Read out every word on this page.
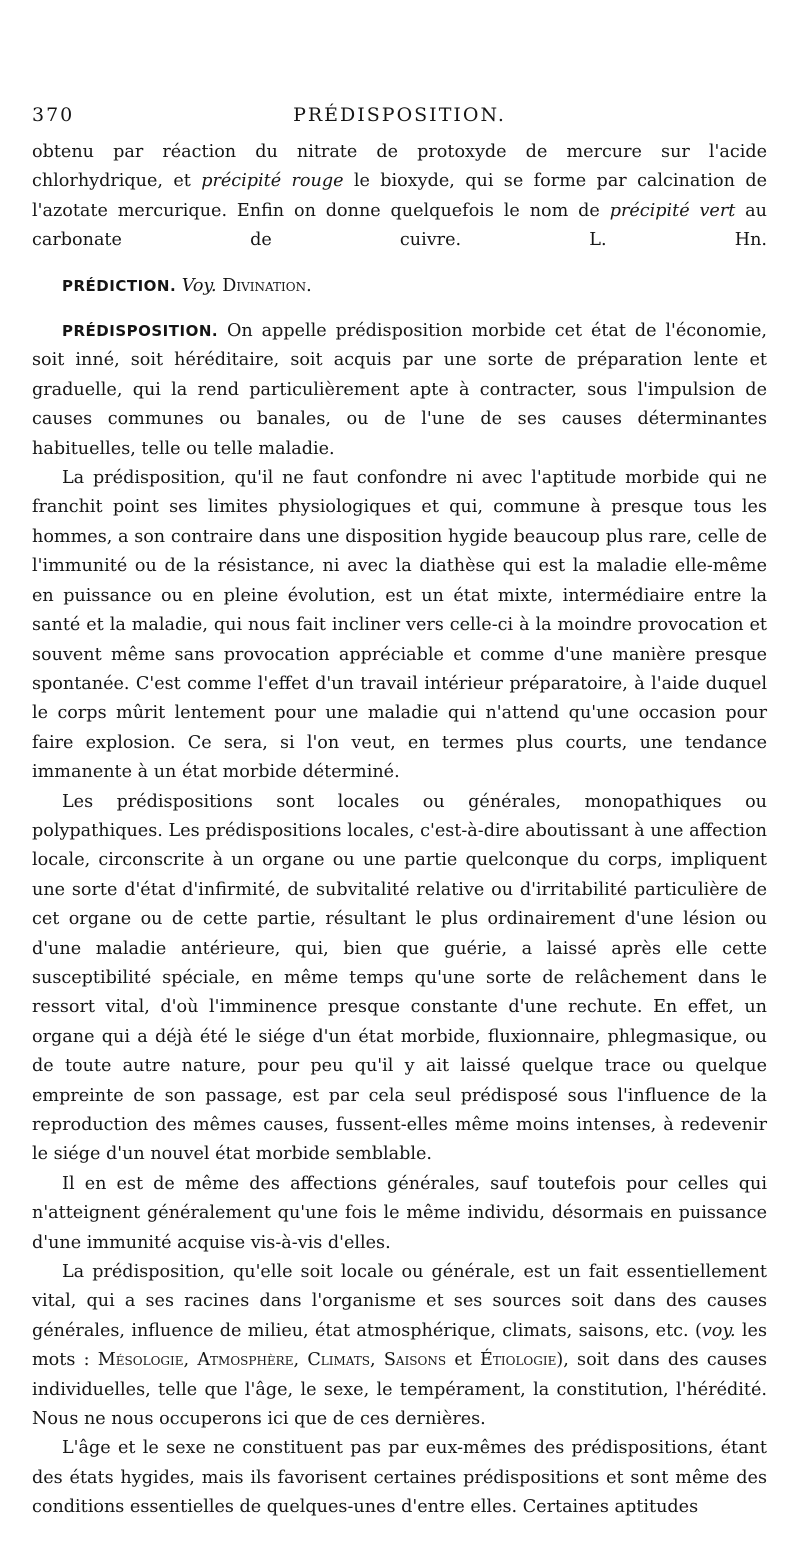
370	PRÉDISPOSITION.

obtenu par réaction du nitrate de protoxyde de mercure sur l'acide chlorhydrique, et précipité rouge le bioxyde, qui se forme par calcination de l'azotate mercurique. Enfin on donne quelquefois le nom de précipité vert au carbonate de cuivre.	L. Hn.

PRÉDICTION. Voy. Divination.

PRÉDISPOSITION. On appelle prédisposition morbide cet état de l'économie, soit inné, soit héréditaire, soit acquis par une sorte de préparation lente et graduelle, qui la rend particulièrement apte à contracter, sous l'impulsion de causes communes ou banales, ou de l'une de ses causes déterminantes habituelles, telle ou telle maladie.

La prédisposition, qu'il ne faut confondre ni avec l'aptitude morbide qui ne franchit point ses limites physiologiques et qui, commune à presque tous les hommes, a son contraire dans une disposition hygide beaucoup plus rare, celle de l'immunité ou de la résistance, ni avec la diathèse qui est la maladie elle-même en puissance ou en pleine évolution, est un état mixte, intermédiaire entre la santé et la maladie, qui nous fait incliner vers celle-ci à la moindre provocation et souvent même sans provocation appréciable et comme d'une manière presque spontanée. C'est comme l'effet d'un travail intérieur préparatoire, à l'aide duquel le corps mûrit lentement pour une maladie qui n'attend qu'une occasion pour faire explosion. Ce sera, si l'on veut, en termes plus courts, une tendance immanente à un état morbide déterminé.

Les prédispositions sont locales ou générales, monopathiques ou polypathiques. Les prédispositions locales, c'est-à-dire aboutissant à une affection locale, circonscrite à un organe ou une partie quelconque du corps, impliquent une sorte d'état d'infirmité, de subvitalité relative ou d'irritabilité particulière de cet organe ou de cette partie, résultant le plus ordinairement d'une lésion ou d'une maladie antérieure, qui, bien que guérie, a laissé après elle cette susceptibilité spéciale, en même temps qu'une sorte de relâchement dans le ressort vital, d'où l'imminence presque constante d'une rechute. En effet, un organe qui a déjà été le siége d'un état morbide, fluxionnaire, phlegmasique, ou de toute autre nature, pour peu qu'il y ait laissé quelque trace ou quelque empreinte de son passage, est par cela seul prédisposé sous l'influence de la reproduction des mêmes causes, fussent-elles même moins intenses, à redevenir le siége d'un nouvel état morbide semblable.

Il en est de même des affections générales, sauf toutefois pour celles qui n'atteignent généralement qu'une fois le même individu, désormais en puissance d'une immunité acquise vis-à-vis d'elles.

La prédisposition, qu'elle soit locale ou générale, est un fait essentiellement vital, qui a ses racines dans l'organisme et ses sources soit dans des causes générales, influence de milieu, état atmosphérique, climats, saisons, etc. (voy. les mots : Mésologie, Atmosphère, Climats, Saisons et Étiologie), soit dans des causes individuelles, telle que l'âge, le sexe, le tempérament, la constitution, l'hérédité. Nous ne nous occuperons ici que de ces dernières.

L'âge et le sexe ne constituent pas par eux-mêmes des prédispositions, étant des états hygides, mais ils favorisent certaines prédispositions et sont même des conditions essentielles de quelques-unes d'entre elles. Certaines aptitudes
